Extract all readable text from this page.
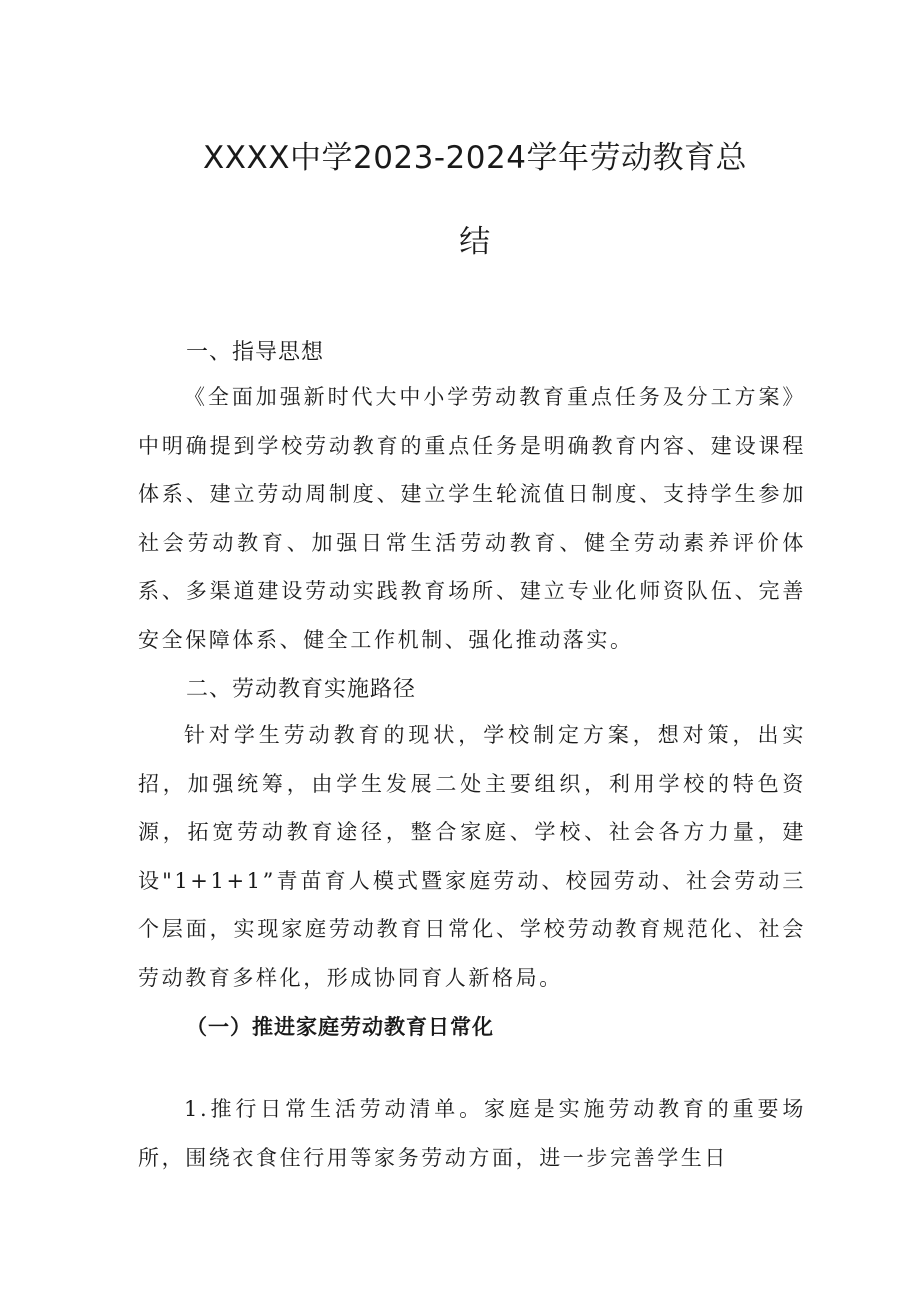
XXXX中学2023-2024学年劳动教育总
结
一、指导思想

《全面加强新时代大中小学劳动教育重点任务及分工方案》中明确提到学校劳动教育的重点任务是明确教育内容、建设课程体系、建立劳动周制度、建立学生轮流值日制度、支持学生参加社会劳动教育、加强日常生活劳动教育、健全劳动素养评价体系、多渠道建设劳动实践教育场所、建立专业化师资队伍、完善安全保障体系、健全工作机制、强化推动落实。

二、劳动教育实施路径

针对学生劳动教育的现状，学校制定方案，想对策，出实招，加强统筹，由学生发展二处主要组织，利用学校的特色资源，拓宽劳动教育途径，整合家庭、学校、社会各方力量，建设"1+1+1”青苗育人模式暨家庭劳动、校园劳动、社会劳动三个层面，实现家庭劳动教育日常化、学校劳动教育规范化、社会劳动教育多样化，形成协同育人新格局。

（一）推进家庭劳动教育日常化

1.推行日常生活劳动清单。家庭是实施劳动教育的重要场所，围绕衣食住行用等家务劳动方面，进一步完善学生日
